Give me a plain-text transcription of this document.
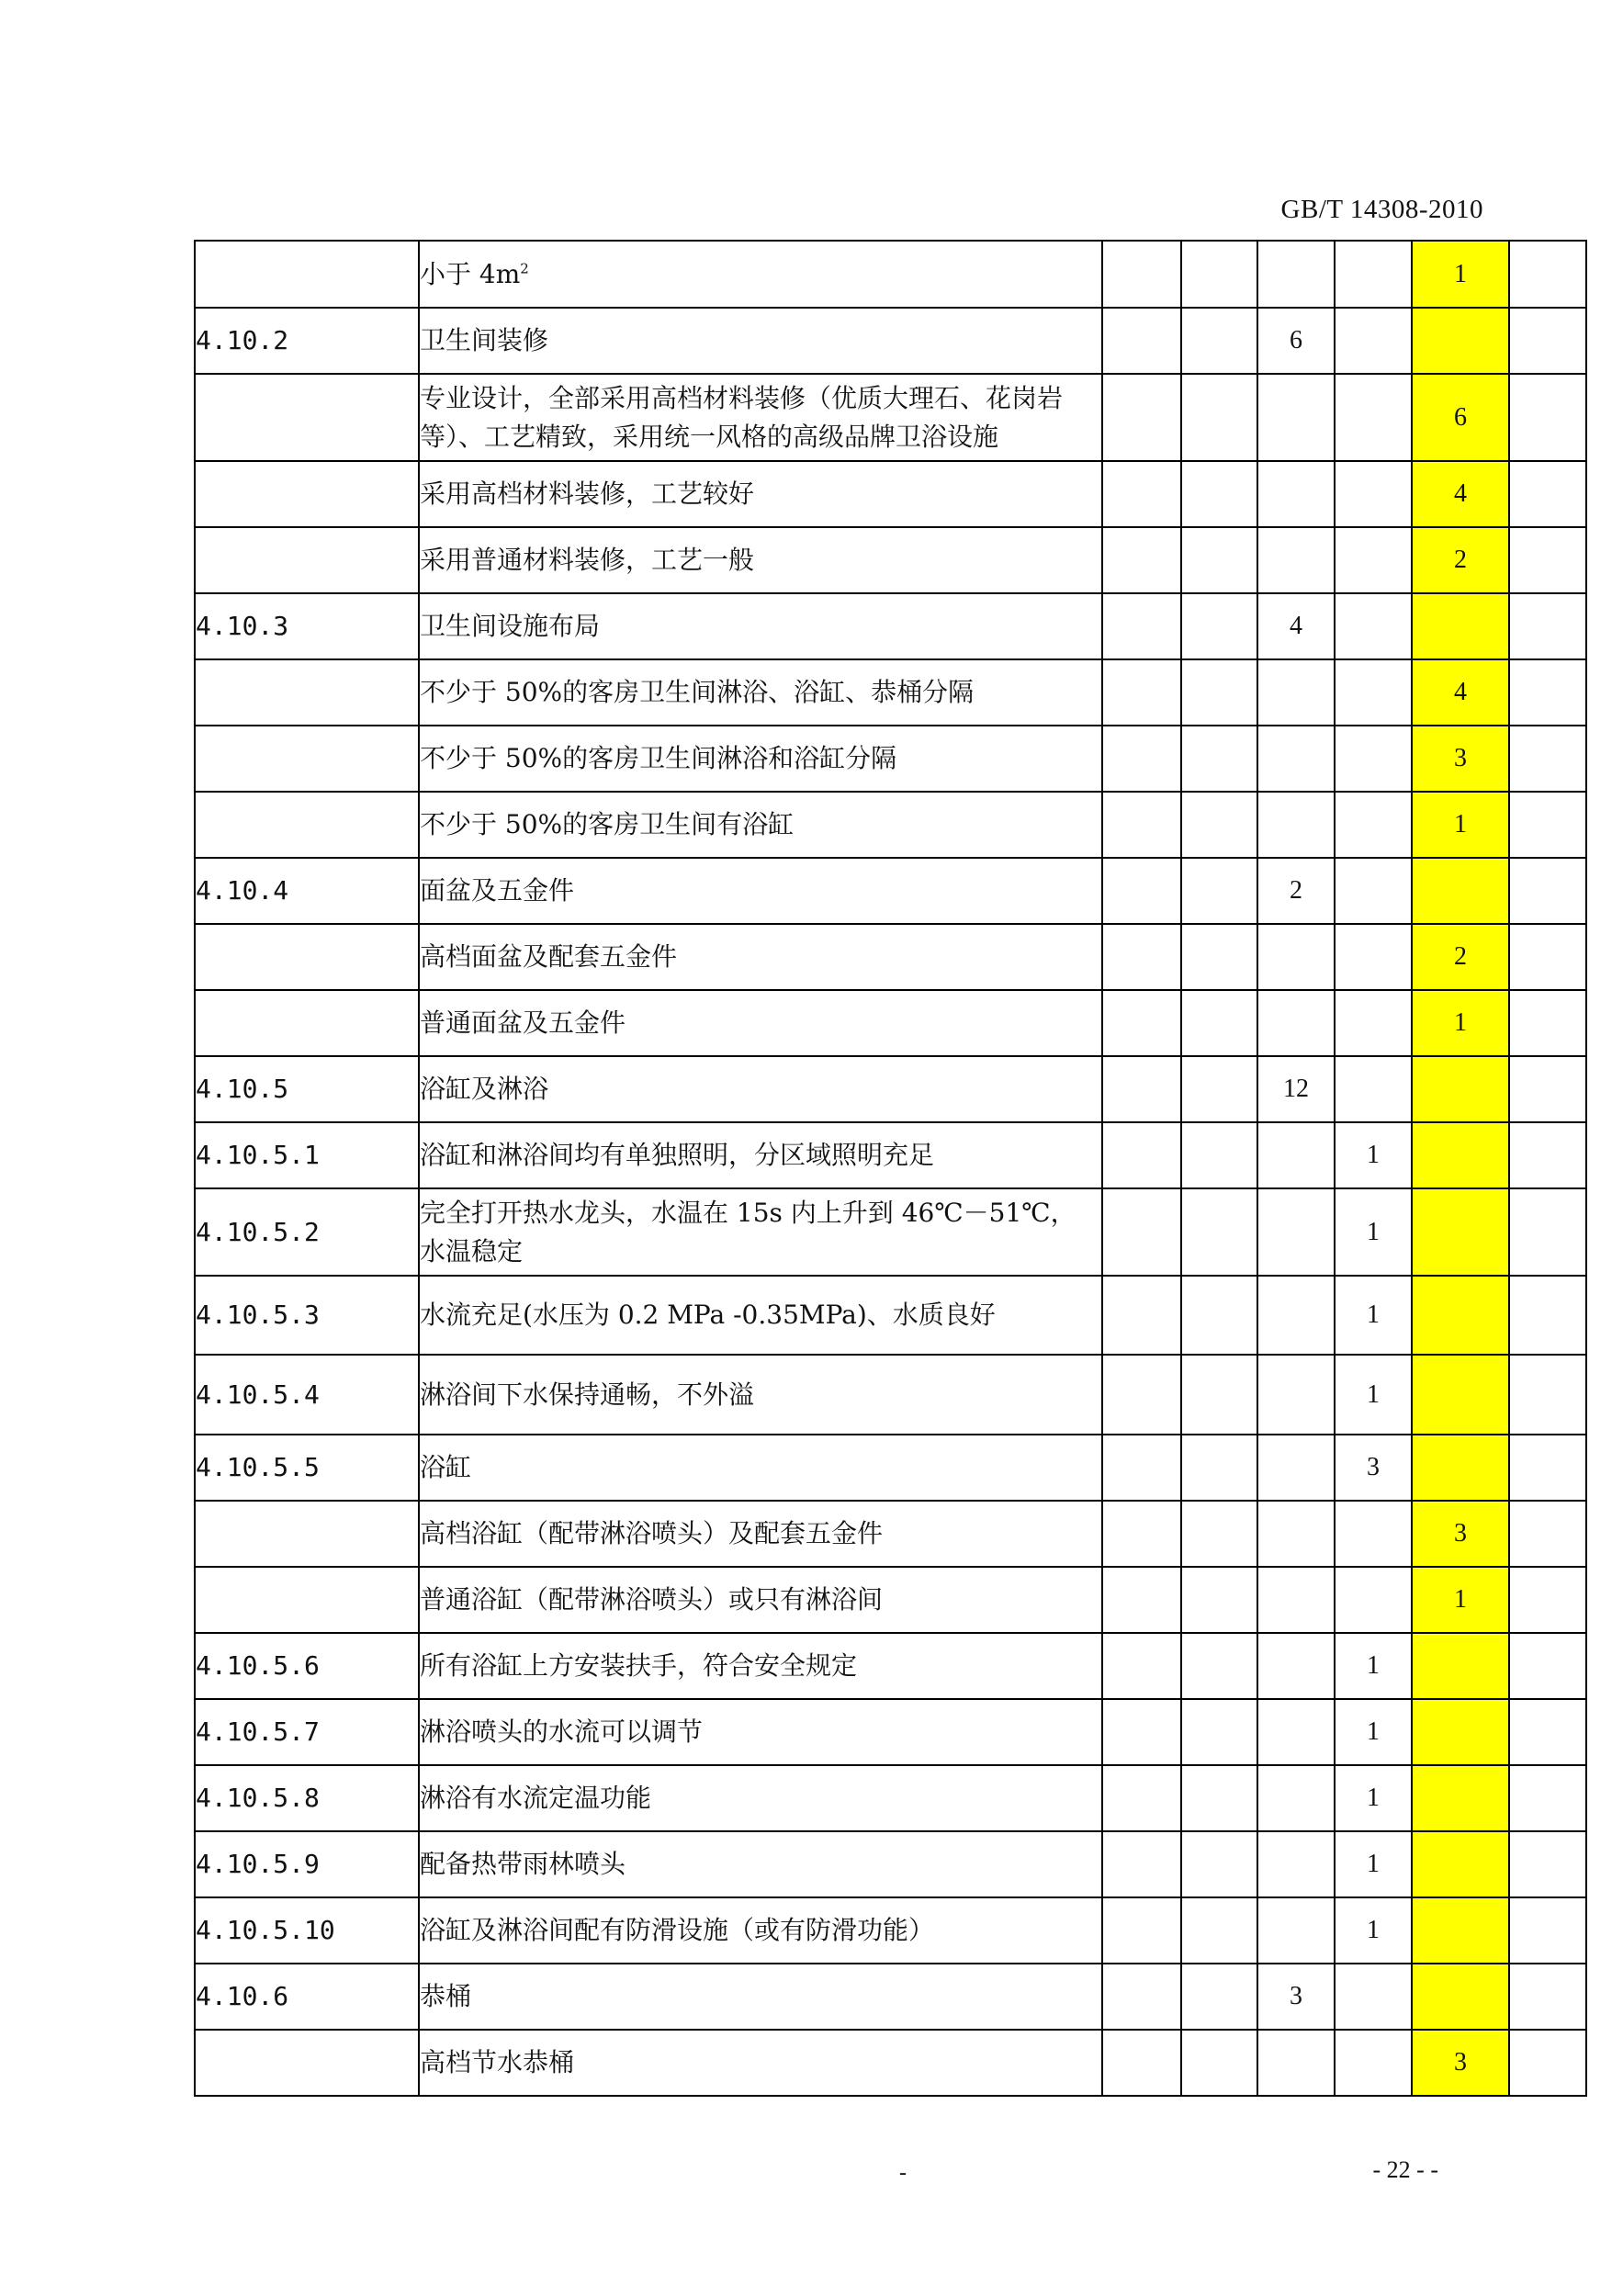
GB/T 14308-2010
	小于 $4m^2$					1	
4.10.2	卫生间装修			6			
	专业设计，全部采用高档材料装修（优质大理石、花岗岩等）、工艺精致，采用统一风格的高级品牌卫浴设施					6	
	采用高档材料装修，工艺较好					4	
	采用普通材料装修，工艺一般					2	
4.10.3	卫生间设施布局			4			
	不少于 50%的客房卫生间淋浴、浴缸、恭桶分隔					4	
	不少于 50%的客房卫生间淋浴和浴缸分隔					3	
	不少于 50%的客房卫生间有浴缸					1	
4.10.4	面盆及五金件			2			
	高档面盆及配套五金件					2	
	普通面盆及五金件					1	
4.10.5	浴缸及淋浴			12			
4.10.5.1	浴缸和淋浴间均有单独照明，分区域照明充足				1		
4.10.5.2	完全打开热水龙头，水温在 15s 内上升到 46℃－51℃，水温稳定				1		
4.10.5.3	水流充足(水压为 0.2 MPa -0.35MPa)、水质良好				1		
4.10.5.4	淋浴间下水保持通畅，不外溢				1		
4.10.5.5	浴缸				3		
	高档浴缸（配带淋浴喷头）及配套五金件					3	
	普通浴缸（配带淋浴喷头）或只有淋浴间					1	
4.10.5.6	所有浴缸上方安装扶手，符合安全规定				1		
4.10.5.7	淋浴喷头的水流可以调节				1		
4.10.5.8	淋浴有水流定温功能				1		
4.10.5.9	配备热带雨林喷头				1		
4.10.5.10	浴缸及淋浴间配有防滑设施（或有防滑功能）				1		
4.10.6	恭桶			3			
	高档节水恭桶					3	
-	- 22 - -
